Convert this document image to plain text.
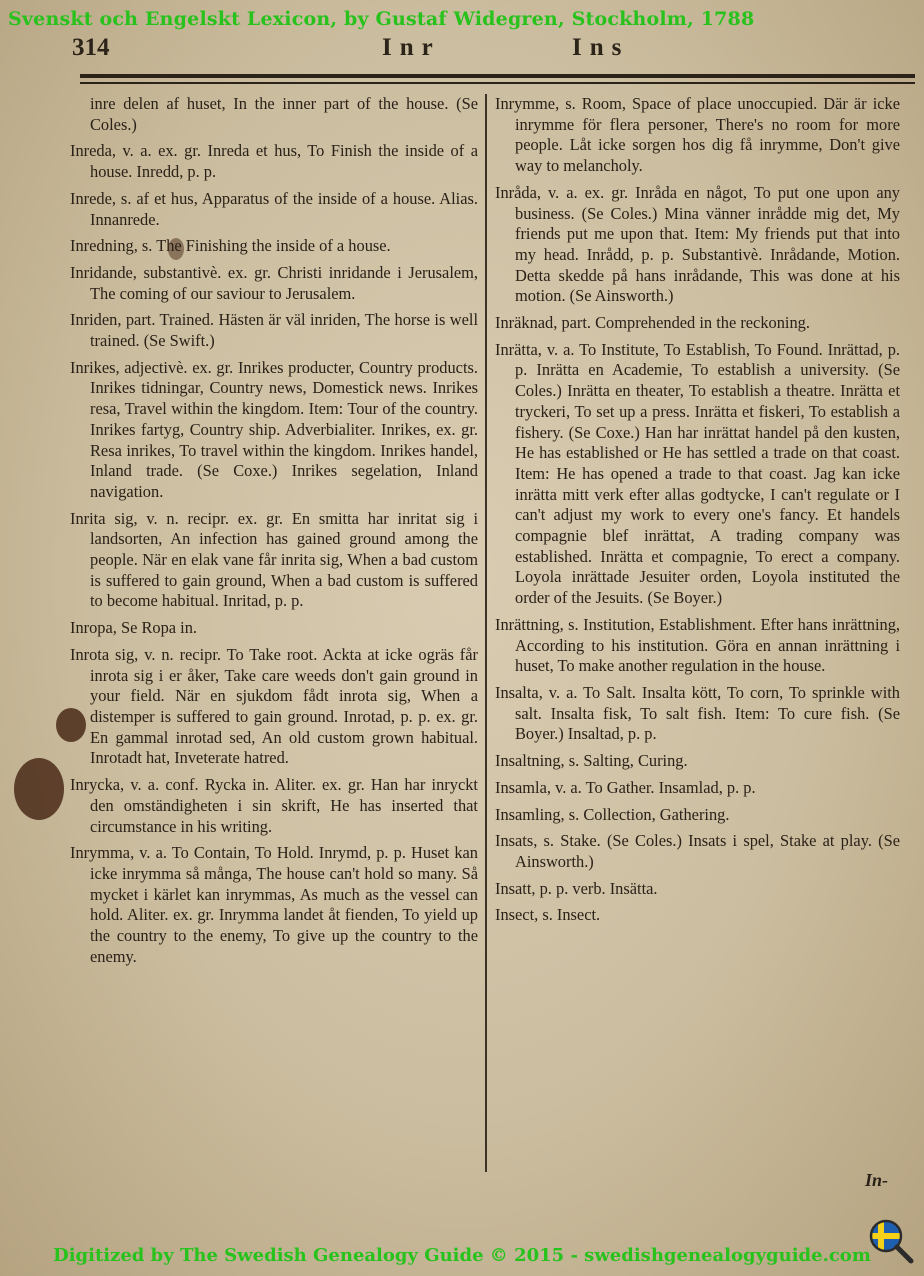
Svenskt och Engelskt Lexicon, by Gustaf Widegren, Stockholm, 1788
314	Inr	Ins

inre delen af huset, In the inner part of the house. (Se Coles.)

Inreda, v. a. ex. gr. Inreda et hus, To Finish the inside of a house. Inredd, p. p.

Inrede, s. af et hus, Apparatus of the inside of a house. Alias. Innanrede.

Inredning, s. The Finishing the inside of a house.

Inridande, substantivè. ex. gr. Christi inridande i Jerusalem, The coming of our saviour to Jerusalem.

Inriden, part. Trained. Hästen är väl inriden, The horse is well trained. (Se Swift.)

Inrikes, adjectivè. ex. gr. Inrikes producter, Country products. Inrikes tidningar, Country news, Domestick news. Inrikes resa, Travel within the kingdom. Item: Tour of the country. Inrikes fartyg, Country ship. Adverbialiter. Inrikes, ex. gr. Resa inrikes, To travel within the kingdom. Inrikes handel, Inland trade. (Se Coxe.) Inrikes segelation, Inland navigation.

Inrita sig, v. n. recipr. ex. gr. En smitta har inritat sig i landsorten, An infection has gained ground among the people. När en elak vane får inrita sig, When a bad custom is suffered to gain ground, When a bad custom is suffered to become habitual. Inritad, p. p.

Inropa, Se Ropa in.

Inrota sig, v. n. recipr. To Take root. Ackta at icke ogräs får inrota sig i er åker, Take care weeds don't gain ground in your field. När en sjukdom fådt inrota sig, When a distemper is suffered to gain ground. Inrotad, p. p. ex. gr. En gammal inrotad sed, An old custom grown habitual. Inrotadt hat, Inveterate hatred.

Inrycka, v. a. conf. Rycka in. Aliter. ex. gr. Han har inryckt den omständigheten i sin skrift, He has inserted that circumstance in his writing.

Inrymma, v. a. To Contain, To Hold. Inrymd, p. p. Huset kan icke inrymma så många, The house can't hold so many. Så mycket i kärlet kan inrymmas, As much as the vessel can hold. Aliter. ex. gr. Inrymma landet åt fienden, To yield up the country to the enemy, To give up the country to the enemy.

Inrymme, s. Room, Space of place unoccupied. Där är icke inrymme för flera personer, There's no room for more people. Låt icke sorgen hos dig få inrymme, Don't give way to melancholy.

Inråda, v. a. ex. gr. Inråda en något, To put one upon any business. (Se Coles.) Mina vänner inrådde mig det, My friends put me upon that. Item: My friends put that into my head. Inrådd, p. p. Substantivè. Inrådande, Motion. Detta skedde på hans inrådande, This was done at his motion. (Se Ainsworth.)

Inräknad, part. Comprehended in the reckoning.

Inrätta, v. a. To Institute, To Establish, To Found. Inrättad, p. p. Inrätta en Academie, To establish a university. (Se Coles.) Inrätta en theater, To establish a theatre. Inrätta et tryckeri, To set up a press. Inrätta et fiskeri, To establish a fishery. (Se Coxe.) Han har inrättat handel på den kusten, He has established or He has settled a trade on that coast. Item: He has opened a trade to that coast. Jag kan icke inrätta mitt verk efter allas godtycke, I can't regulate or I can't adjust my work to every one's fancy. Et handels compagnie blef inrättat, A trading company was established. Inrätta et compagnie, To erect a company. Loyola inrättade Jesuiter orden, Loyola instituted the order of the Jesuits. (Se Boyer.)

Inrättning, s. Institution, Establishment. Efter hans inrättning, According to his institution. Göra en annan inrättning i huset, To make another regulation in the house.

Insalta, v. a. To Salt. Insalta kött, To corn, To sprinkle with salt. Insalta fisk, To salt fish. Item: To cure fish. (Se Boyer.) Insaltad, p. p.

Insaltning, s. Salting, Curing.

Insamla, v. a. To Gather. Insamlad, p. p.

Insamling, s. Collection, Gathering.

Insats, s. Stake. (Se Coles.) Insats i spel, Stake at play. (Se Ainsworth.)

Insatt, p. p. verb. Insätta.

Insect, s. Insect.

In-
Digitized by The Swedish Genealogy Guide © 2015 - swedishgenealogyguide.com
